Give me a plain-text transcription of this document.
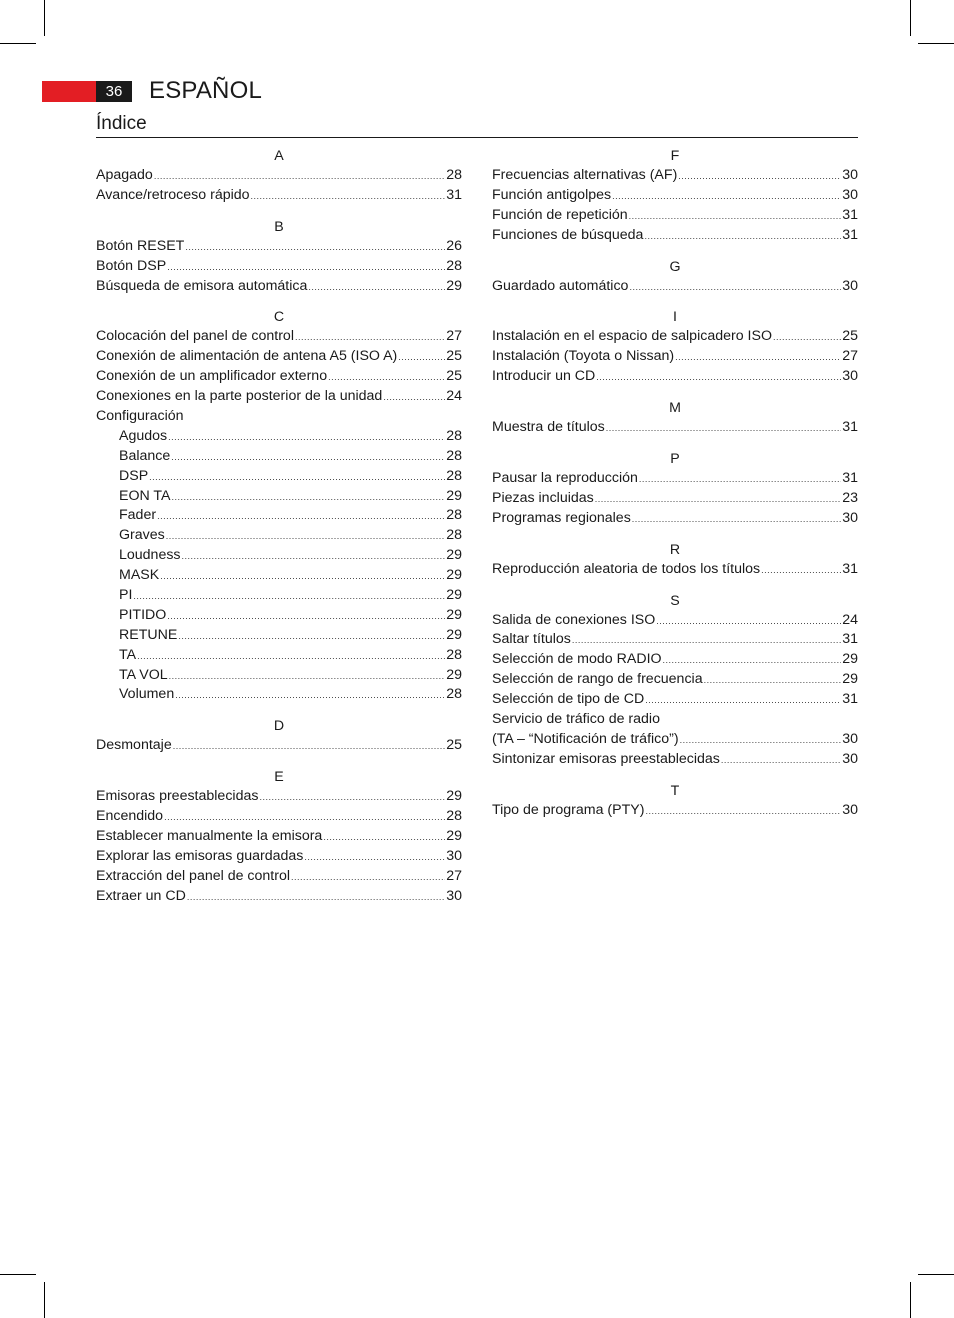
36	ESPAÑOL
Índice
A
Apagado .....	28
Avance/retroceso rápido .....	31
B
Botón RESET .....	26
Botón DSP .....	28
Búsqueda de emisora automática .....	29
C
Colocación del panel de control .....	27
Conexión de alimentación de antena A5 (ISO A) .....	25
Conexión de un amplificador externo .....	25
Conexiones en la parte posterior de la unidad .....	24
Configuración
Agudos .....	28
Balance .....	28
DSP .....	28
EON TA .....	29
Fader .....	28
Graves .....	28
Loudness .....	29
MASK .....	29
PI .....	29
PITIDO .....	29
RETUNE .....	29
TA .....	28
TA VOL .....	29
Volumen .....	28
D
Desmontaje .....	25
E
Emisoras preestablecidas .....	29
Encendido .....	28
Establecer manualmente la emisora .....	29
Explorar las emisoras guardadas .....	30
Extracción del panel de control .....	27
Extraer un CD .....	30
F
Frecuencias alternativas (AF) .....	30
Función antigolpes .....	30
Función de repetición .....	31
Funciones de búsqueda .....	31
G
Guardado automático .....	30
I
Instalación en el espacio de salpicadero ISO .....	25
Instalación (Toyota o Nissan) .....	27
Introducir un CD .....	30
M
Muestra de títulos .....	31
P
Pausar la reproducción .....	31
Piezas incluidas .....	23
Programas regionales .....	30
R
Reproducción aleatoria de todos los títulos .....	31
S
Salida de conexiones ISO .....	24
Saltar títulos .....	31
Selección de modo RADIO .....	29
Selección de rango de frecuencia .....	29
Selección de tipo de CD .....	31
Servicio de tráfico de radio
(TA – “Notificación de tráfico”) .....	30
Sintonizar emisoras preestablecidas .....	30
T
Tipo de programa (PTY) .....	30
